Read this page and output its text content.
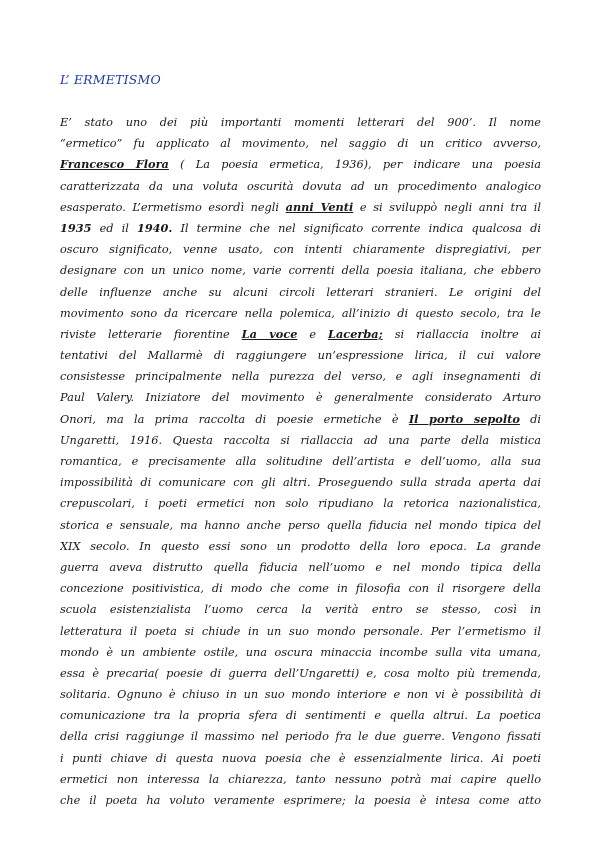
L’ ERMETISMO
E’ stato uno dei più importanti momenti letterari del 900’. Il nome
“ermetico” fu applicato al movimento, nel saggio di un critico avverso,
Francesco Flora ( La poesia ermetica, 1936), per indicare una poesia
caratterizzata da una voluta oscurità dovuta ad un procedimento analogico
esasperato. L’ermetismo esordì negli anni Venti e si sviluppò negli anni tra il
1935 ed il 1940. Il termine che nel significato corrente indica qualcosa di
oscuro significato, venne usato, con intenti chiaramente dispregiativi, per
designare con un unico nome, varie correnti della poesia italiana, che ebbero
delle influenze anche su alcuni circoli letterari stranieri. Le origini del
movimento sono da ricercare nella polemica, all’inizio di questo secolo, tra le
riviste letterarie fiorentine La voce e Lacerba; si riallaccia inoltre ai
tentativi del Mallarmè di raggiungere un’espressione lirica, il cui valore
consistesse principalmente nella purezza del verso, e agli insegnamenti di
Paul Valery. Iniziatore del movimento è generalmente considerato Arturo
Onori, ma la prima raccolta di poesie ermetiche è Il porto sepolto di
Ungaretti, 1916. Questa raccolta si riallaccia ad una parte della mistica
romantica, e precisamente alla solitudine dell’artista e dell’uomo, alla sua
impossibilità di comunicare con gli altri. Proseguendo sulla strada aperta dai
crepuscolari, i poeti ermetici non solo ripudiano la retorica nazionalistica,
storica e sensuale, ma hanno anche perso quella fiducia nel mondo tipica del
XIX secolo. In questo essi sono un prodotto della loro epoca. La grande
guerra aveva distrutto quella fiducia nell’uomo e nel mondo tipica della
concezione positivistica, di modo che come in filosofia con il risorgere della
scuola esistenzialista l’uomo cerca la verità entro se stesso, così in
letteratura il poeta si chiude in un suo mondo personale. Per l’ermetismo il
mondo è un ambiente ostile, una oscura minaccia incombe sulla vita umana,
essa è precaria( poesie di guerra dell’Ungaretti) e, cosa molto più tremenda,
solitaria. Ognuno è chiuso in un suo mondo interiore e non vi è possibilità di
comunicazione tra la propria sfera di sentimenti e quella altrui. La poetica
della crisi raggiunge il massimo nel periodo fra le due guerre. Vengono fissati
i punti chiave di questa nuova poesia che è essenzialmente lirica. Ai poeti
ermetici non interessa la chiarezza, tanto nessuno potrà mai capire quello
che il poeta ha voluto veramente esprimere; la poesia è intesa come atto
